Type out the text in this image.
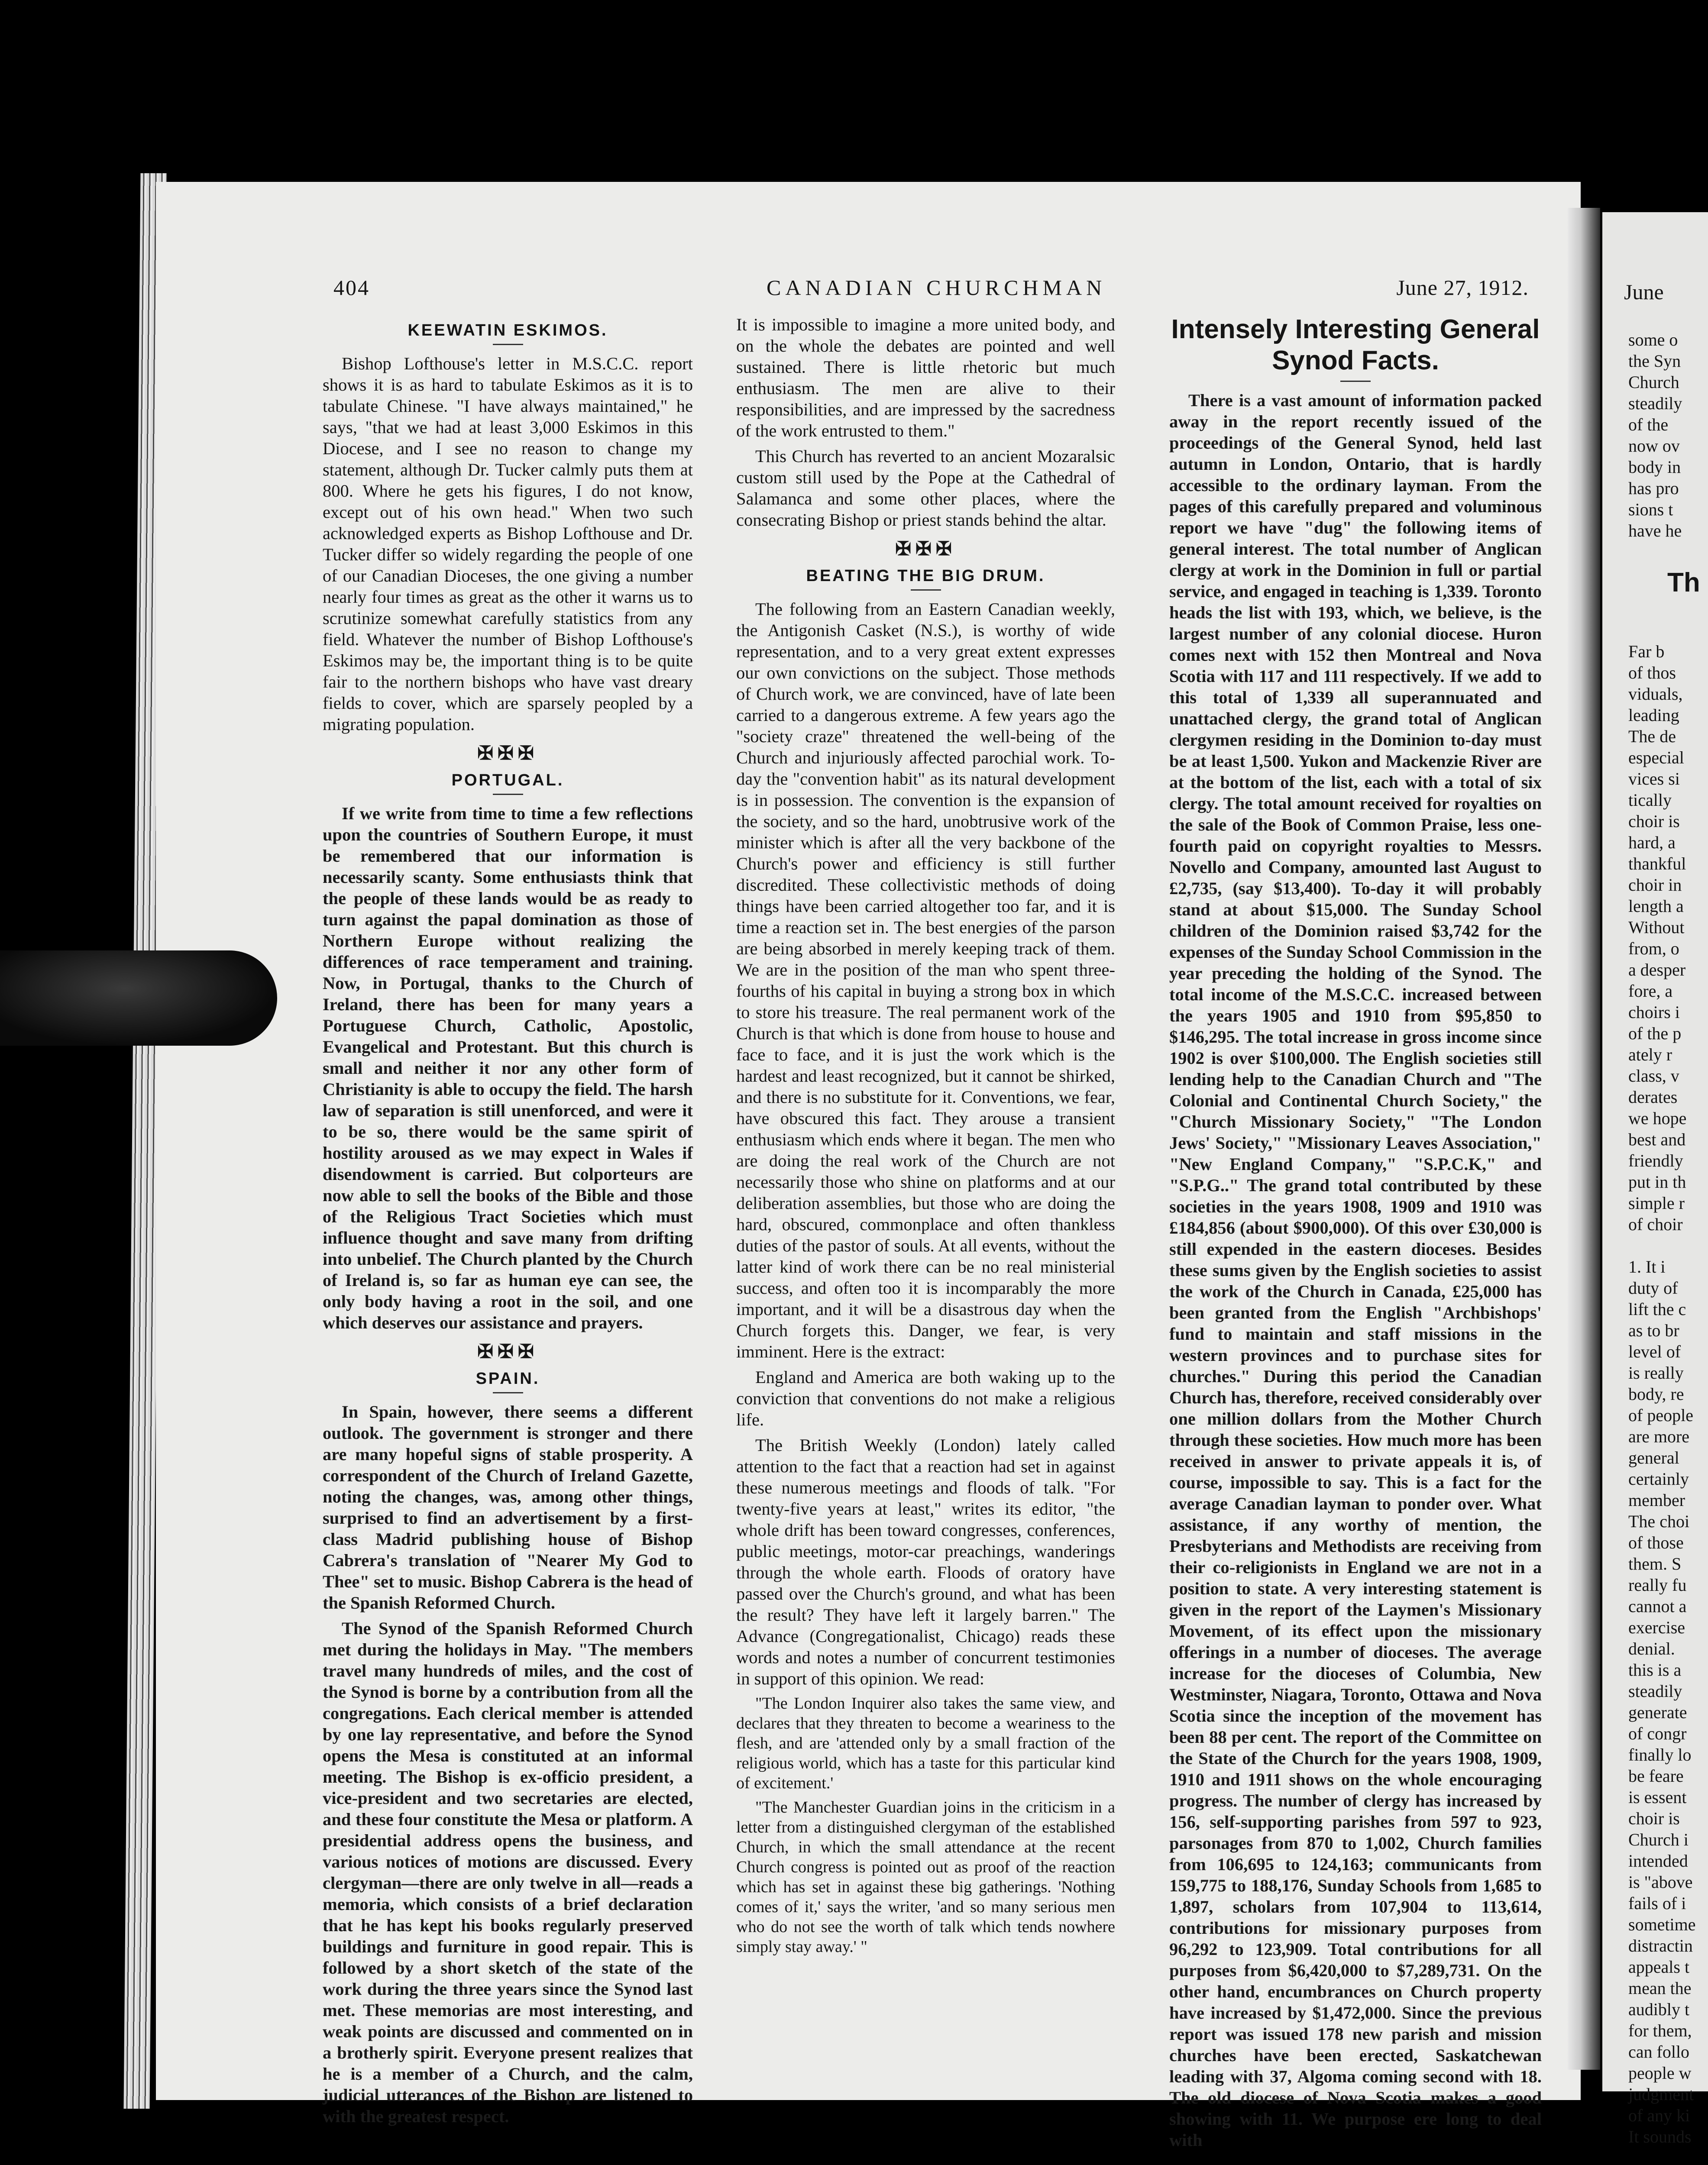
June
some o
the Syn
Church
steadily
of the
now ov
body in
has pro
sions t
have he
Th
Far b
of thos
viduals,
leading
The de
especial
vices si
tically
choir is
hard, a
thankful
choir in
length a
Without
from, o
a desper
fore, a
choirs i
of the p
ately r
class, v
derates
we hope
best and
friendly
put in th
simple r
of choir

1. It i
duty of
lift the c
as to br
level of
is really
body, re
of people
are more
general
certainly
member
The choi
of those
them. S
really fu
cannot a
exercise
denial.
this is a
steadily
generate
of congr
finally lo
be feare
is essent
choir is
Church i
intended
is "above
fails of i
sometime
distractin
appeals t
mean the
audibly t
for them,
can follo
people w
judgment
of any ki
It sounds
404	CANADIAN CHURCHMAN	June 27, 1912.
KEEWATIN ESKIMOS.

Bishop Lofthouse's letter in M.S.C.C. report shows it is as hard to tabulate Eskimos as it is to tabulate Chinese. "I have always maintained," he says, "that we had at least 3,000 Eskimos in this Diocese, and I see no reason to change my statement, although Dr. Tucker calmly puts them at 800. Where he gets his figures, I do not know, except out of his own head." When two such acknowledged experts as Bishop Lofthouse and Dr. Tucker differ so widely regarding the people of one of our Canadian Dioceses, the one giving a number nearly four times as great as the other it warns us to scrutinize somewhat carefully statistics from any field. Whatever the number of Bishop Lofthouse's Eskimos may be, the important thing is to be quite fair to the northern bishops who have vast dreary fields to cover, which are sparsely peopled by a migrating population.

✠✠✠
PORTUGAL.

If we write from time to time a few reflections upon the countries of Southern Europe, it must be remembered that our information is necessarily scanty. Some enthusiasts think that the people of these lands would be as ready to turn against the papal domination as those of Northern Europe without realizing the differences of race temperament and training. Now, in Portugal, thanks to the Church of Ireland, there has been for many years a Portuguese Church, Catholic, Apostolic, Evangelical and Protestant. But this church is small and neither it nor any other form of Christianity is able to occupy the field. The harsh law of separation is still unenforced, and were it to be so, there would be the same spirit of hostility aroused as we may expect in Wales if disendowment is carried. But colporteurs are now able to sell the books of the Bible and those of the Religious Tract Societies which must influence thought and save many from drifting into unbelief. The Church planted by the Church of Ireland is, so far as human eye can see, the only body having a root in the soil, and one which deserves our assistance and prayers.

✠✠✠
SPAIN.

In Spain, however, there seems a different outlook. The government is stronger and there are many hopeful signs of stable prosperity. A correspondent of the Church of Ireland Gazette, noting the changes, was, among other things, surprised to find an advertisement by a first-class Madrid publishing house of Bishop Cabrera's translation of "Nearer My God to Thee" set to music. Bishop Cabrera is the head of the Spanish Reformed Church.

The Synod of the Spanish Reformed Church met during the holidays in May. "The members travel many hundreds of miles, and the cost of the Synod is borne by a contribution from all the congregations. Each clerical member is attended by one lay representative, and before the Synod opens the Mesa is constituted at an informal meeting. The Bishop is ex-officio president, a vice-president and two secretaries are elected, and these four constitute the Mesa or platform. A presidential address opens the business, and various notices of motions are discussed. Every clergyman—there are only twelve in all—reads a memoria, which consists of a brief declaration that he has kept his books regularly preserved buildings and furniture in good repair. This is followed by a short sketch of the state of the work during the three years since the Synod last met. These memorias are most interesting, and weak points are discussed and commented on in a brotherly spirit. Everyone present realizes that he is a member of a Church, and the calm, judicial utterances of the Bishop are listened to with the greatest respect.

It is impossible to imagine a more united body, and on the whole the debates are pointed and well sustained. There is little rhetoric but much enthusiasm. The men are alive to their responsibilities, and are impressed by the sacredness of the work entrusted to them."

This Church has reverted to an ancient Mozaralsic custom still used by the Pope at the Cathedral of Salamanca and some other places, where the consecrating Bishop or priest stands behind the altar.

✠✠✠
BEATING THE BIG DRUM.

The following from an Eastern Canadian weekly, the Antigonish Casket (N.S.), is worthy of wide representation, and to a very great extent expresses our own convictions on the subject. Those methods of Church work, we are convinced, have of late been carried to a dangerous extreme. A few years ago the "society craze" threatened the well-being of the Church and injuriously affected parochial work. To-day the "convention habit" as its natural development is in possession. The convention is the expansion of the society, and so the hard, unobtrusive work of the minister which is after all the very backbone of the Church's power and efficiency is still further discredited. These collectivistic methods of doing things have been carried altogether too far, and it is time a reaction set in. The best energies of the parson are being absorbed in merely keeping track of them. We are in the position of the man who spent three-fourths of his capital in buying a strong box in which to store his treasure. The real permanent work of the Church is that which is done from house to house and face to face, and it is just the work which is the hardest and least recognized, but it cannot be shirked, and there is no substitute for it. Conventions, we fear, have obscured this fact. They arouse a transient enthusiasm which ends where it began. The men who are doing the real work of the Church are not necessarily those who shine on platforms and at our deliberation assemblies, but those who are doing the hard, obscured, commonplace and often thankless duties of the pastor of souls. At all events, without the latter kind of work there can be no real ministerial success, and often too it is incomparably the more important, and it will be a disastrous day when the Church forgets this. Danger, we fear, is very imminent. Here is the extract:

England and America are both waking up to the conviction that conventions do not make a religious life.

The British Weekly (London) lately called attention to the fact that a reaction had set in against these numerous meetings and floods of talk. "For twenty-five years at least," writes its editor, "the whole drift has been toward congresses, conferences, public meetings, motor-car preachings, wanderings through the whole earth. Floods of oratory have passed over the Church's ground, and what has been the result? They have left it largely barren." The Advance (Congregationalist, Chicago) reads these words and notes a number of concurrent testimonies in support of this opinion. We read:

"The London Inquirer also takes the same view, and declares that they threaten to become a weariness to the flesh, and are 'attended only by a small fraction of the religious world, which has a taste for this particular kind of excitement.'

"The Manchester Guardian joins in the criticism in a letter from a distinguished clergyman of the established Church, in which the small attendance at the recent Church congress is pointed out as proof of the reaction which has set in against these big gatherings. 'Nothing comes of it,' says the writer, 'and so many serious men who do not see the worth of talk which tends nowhere simply stay away.' "

Intensely Interesting General Synod Facts.

There is a vast amount of information packed away in the report recently issued of the proceedings of the General Synod, held last autumn in London, Ontario, that is hardly accessible to the ordinary layman. From the pages of this carefully prepared and voluminous report we have "dug" the following items of general interest. The total number of Anglican clergy at work in the Dominion in full or partial service, and engaged in teaching is 1,339. Toronto heads the list with 193, which, we believe, is the largest number of any colonial diocese. Huron comes next with 152 then Montreal and Nova Scotia with 117 and 111 respectively. If we add to this total of 1,339 all superannuated and unattached clergy, the grand total of Anglican clergymen residing in the Dominion to-day must be at least 1,500. Yukon and Mackenzie River are at the bottom of the list, each with a total of six clergy. The total amount received for royalties on the sale of the Book of Common Praise, less one-fourth paid on copyright royalties to Messrs. Novello and Company, amounted last August to £2,735, (say $13,400). To-day it will probably stand at about $15,000. The Sunday School children of the Dominion raised $3,742 for the expenses of the Sunday School Commission in the year preceding the holding of the Synod. The total income of the M.S.C.C. increased between the years 1905 and 1910 from $95,850 to $146,295. The total increase in gross income since 1902 is over $100,000. The English societies still lending help to the Canadian Church and "The Colonial and Continental Church Society," the "Church Missionary Society," "The London Jews' Society," "Missionary Leaves Association," "New England Company," "S.P.C.K," and "S.P.G.." The grand total contributed by these societies in the years 1908, 1909 and 1910 was £184,856 (about $900,000). Of this over £30,000 is still expended in the eastern dioceses. Besides these sums given by the English societies to assist the work of the Church in Canada, £25,000 has been granted from the English "Archbishops' fund to maintain and staff missions in the western provinces and to purchase sites for churches." During this period the Canadian Church has, therefore, received considerably over one million dollars from the Mother Church through these societies. How much more has been received in answer to private appeals it is, of course, impossible to say. This is a fact for the average Canadian layman to ponder over. What assistance, if any worthy of mention, the Presbyterians and Methodists are receiving from their co-religionists in England we are not in a position to state. A very interesting statement is given in the report of the Laymen's Missionary Movement, of its effect upon the missionary offerings in a number of dioceses. The average increase for the dioceses of Columbia, New Westminster, Niagara, Toronto, Ottawa and Nova Scotia since the inception of the movement has been 88 per cent. The report of the Committee on the State of the Church for the years 1908, 1909, 1910 and 1911 shows on the whole encouraging progress. The number of clergy has increased by 156, self-supporting parishes from 597 to 923, parsonages from 870 to 1,002, Church families from 106,695 to 124,163; communicants from 159,775 to 188,176, Sunday Schools from 1,685 to 1,897, scholars from 107,904 to 113,614, contributions for missionary purposes from 96,292 to 123,909. Total contributions for all purposes from $6,420,000 to $7,289,731. On the other hand, encumbrances on Church property have increased by $1,472,000. Since the previous report was issued 178 new parish and mission churches have been erected, Saskatchewan leading with 37, Algoma coming second with 18. The old diocese of Nova Scotia makes a good showing with 11. We purpose ere long to deal with
